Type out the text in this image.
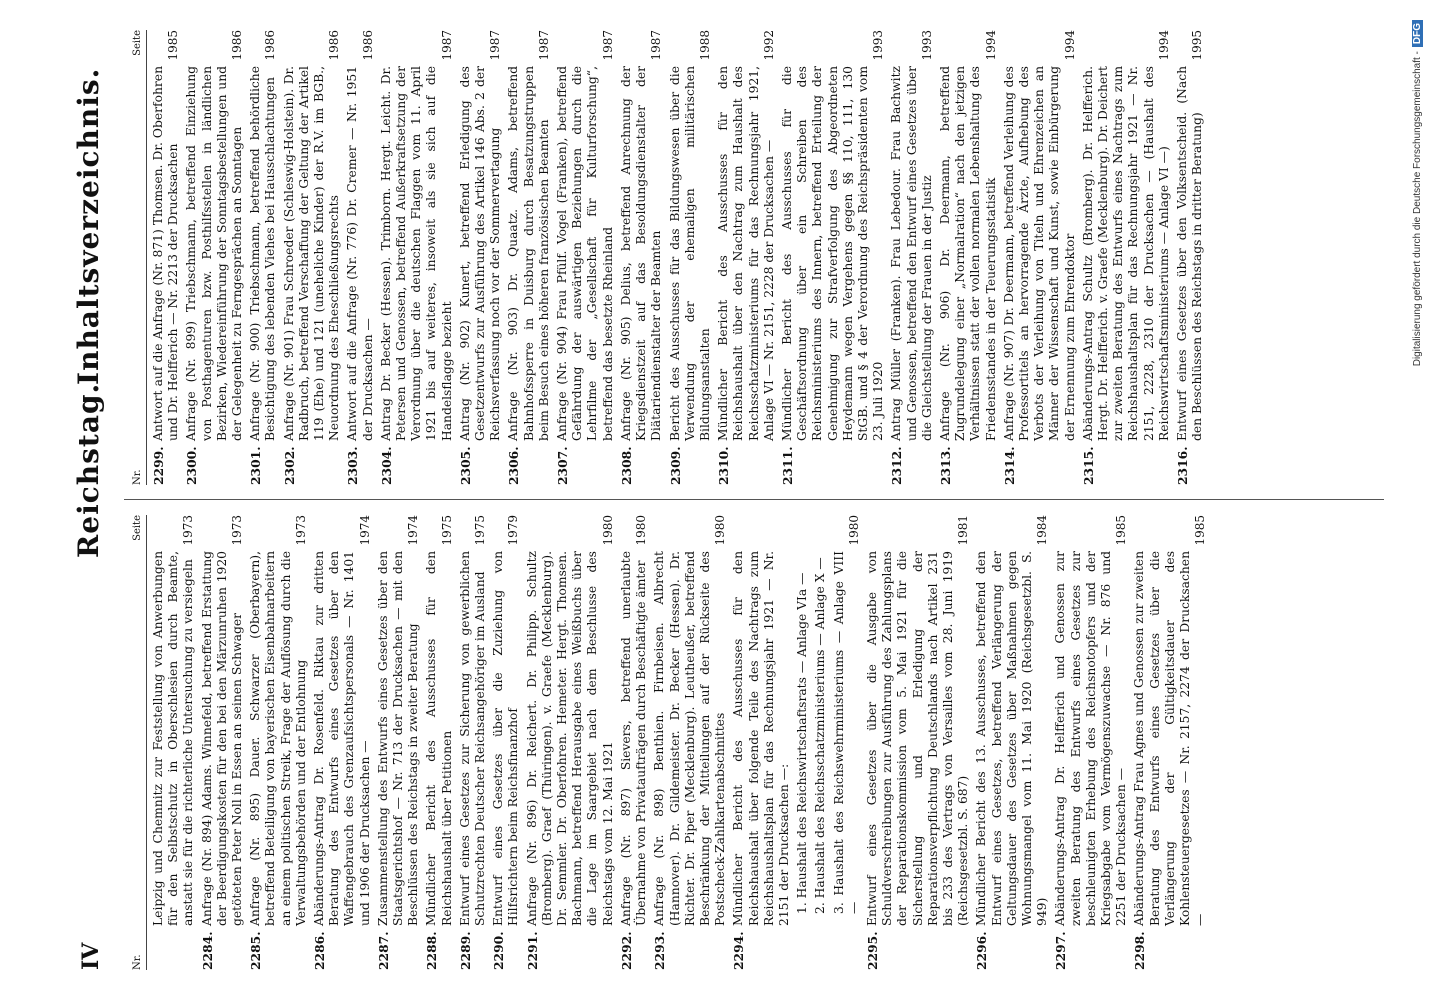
IV
Reichstag.
Inhaltsverzeichnis.
Nr.
Seite
Leipzig und Chemnitz zur Feststellung von Anwerbungen für den Selbstschutz in Oberschlesien durch Beamte, anstatt sie für die richterliche Untersuchung zu versiegeln
1973
2284.
Anfrage (Nr. 894) Adams. Winnefeld, betreffend Erstattung der Beerdigungskosten für den bei den Märzunruhen 1920 getöteten Peter Noll in Essen an seinen Schwager
1973
2285.
Anfrage (Nr. 895) Dauer. Schwarzer (Oberbayern), betreffend Beteiligung von bayerischen Eisenbahnarbeitern an einem politischen Streik, Frage der Auflösung durch die Verwaltungsbehörden und der Entlohnung
1973
2286.
Abänderungs-Antrag Dr. Rosenfeld. Riktau zur dritten Beratung des Entwurfs eines Gesetzes über den Waffengebrauch des Grenzaufsichtspersonals — Nr. 1401 und 1906 der Drucksachen —
1974
2287.
Zusammenstellung des Entwurfs eines Gesetzes über den Staatsgerichtshof — Nr. 713 der Drucksachen — mit den Beschlüssen des Reichstags in zweiter Beratung
1974
2288.
Mündlicher Bericht des Ausschusses für den Reichshaushalt über Petitionen
1975
2289.
Entwurf eines Gesetzes zur Sicherung von gewerblichen Schutzrechten Deutscher Reichsangehöriger im Ausland
1975
2290.
Entwurf eines Gesetzes über die Zuziehung von Hilfsrichtern beim Reichsfinanzhof
1979
2291.
Anfrage (Nr. 896) Dr. Reichert. Dr. Philipp. Schultz (Bromberg). Graef (Thüringen). v. Graefe (Mecklenburg). Dr. Semmler. Dr. Oberfohren. Hemeter. Hergt. Thomsen. Bachmann, betreffend Herausgabe eines Weißbuchs über die Lage im Saargebiet nach dem Beschlusse des Reichstags vom 12. Mai 1921
1980
2292.
Anfrage (Nr. 897) Sievers, betreffend unerlaubte Übernahme von Privataufträgen durch Beschäftigte ämter
1980
2293.
Anfrage (Nr. 898) Benthien. Firnbeisen. Albrecht (Hannover). Dr. Gildemeister. Dr. Becker (Hessen). Dr. Richter. Dr. Piper (Mecklenburg). Leutheußer, betreffend Beschränkung der Mitteilungen auf der Rückseite des Postscheck-Zahlkartenabschnittes
1980
2294.
Mündlicher Bericht des Ausschusses für den Reichshaushalt über folgende Teile des Nachtrags zum Reichshaushaltsplan für das Rechnungsjahr 1921 — Nr. 2151 der Drucksachen —: 1. Haushalt des Reichswirtschaftsrats — Anlage VIa — 2. Haushalt des Reichsschatzministeriums — Anlage X — 3. Haushalt des Reichswehrministeriums — Anlage VIII —
1980
2295.
Entwurf eines Gesetzes über die Ausgabe von Schuldverschreibungen zur Ausführung des Zahlungsplans der Reparationskommission vom 5. Mai 1921 für die Sicherstellung und Erledigung der Reparationsverpflichtung Deutschlands nach Artikel 231 bis 233 des Vertrags von Versailles vom 28. Juni 1919 (Reichsgesetzbl. S. 687)
1981
2296.
Mündlicher Bericht des 13. Ausschusses, betreffend den Entwurf eines Gesetzes, betreffend Verlängerung der Geltungsdauer des Gesetzes über Maßnahmen gegen Wohnungsmangel vom 11. Mai 1920 (Reichsgesetzbl. S. 949)
1984
2297.
Abänderungs-Antrag Dr. Helfferich und Genossen zur zweiten Beratung des Entwurfs eines Gesetzes zur beschleunigten Erhebung des Reichsnotopfers und der Kriegsabgabe vom Vermögenszuwachse — Nr. 876 und 2251 der Drucksachen —
1985
2298.
Abänderungs-Antrag Frau Agnes und Genossen zur zweiten Beratung des Entwurfs eines Gesetzes über die Verlängerung der Gültigkeitsdauer des Kohlensteuergesetzes — Nr. 2157, 2274 der Drucksachen —
1985
Nr.
Seite
2299.
Antwort auf die Anfrage (Nr. 871) Thomsen. Dr. Oberfohren und Dr. Helfferich — Nr. 2213 der Drucksachen
1985
2300.
Anfrage (Nr. 899) Triebschmann, betreffend Einziehung von Posthagenturen bzw. Posthilfsstellen in ländlichen Bezirken, Wiedereinführung der Sonntagsbestellungen und der Gelegenheit zu Ferngesprächen an Sonntagen
1986
2301.
Anfrage (Nr. 900) Triebschmann, betreffend behördliche Besichtigung des lebenden Viehes bei Hausschlachtungen
1986
2302.
Anfrage (Nr. 901) Frau Schroeder (Schleswig-Holstein). Dr. Radbruch, betreffend Verschaffung der Geltung der Artikel 119 (Ehe) und 121 (uneheliche Kinder) der R.V. im BGB., Neuordnung des Eheschließungsrechts
1986
2303.
Antwort auf die Anfrage (Nr. 776) Dr. Cremer — Nr. 1951 der Drucksachen —
1986
2304.
Antrag Dr. Becker (Hessen). Trimborn. Hergt. Leicht. Dr. Petersen und Genossen, betreffend Außerkraftsetzung der Verordnung über die deutschen Flaggen vom 11. April 1921 bis auf weiteres, insoweit als sie sich auf die Handelsflagge bezieht
1987
2305.
Antrag (Nr. 902) Kunert, betreffend Erledigung des Gesetzentwurfs zur Ausführung des Artikel 146 Abs. 2 der Reichsverfassung noch vor der Sommervertagung
1987
2306.
Anfrage (Nr. 903) Dr. Quaatz. Adams, betreffend Bahnhofssperre in Duisburg durch Besatzungstruppen beim Besuch eines höheren französischen Beamten
1987
2307.
Anfrage (Nr. 904) Frau Pfülf. Vogel (Franken), betreffend Gefährdung der auswärtigen Beziehungen durch die Lehrfilme der „Gesellschaft für Kulturforschung“, betreffend das besetzte Rheinland
1987
2308.
Anfrage (Nr. 905) Delius, betreffend Anrechnung der Kriegsdienstzeit auf das Besoldungsdienstalter der Diätariendienstalter der Beamten
1987
2309.
Bericht des Ausschusses für das Bildungswesen über die Verwendung der ehemaligen militärischen Bildungsanstalten
1988
2310.
Mündlicher Bericht des Ausschusses für den Reichshaushalt über den Nachtrag zum Haushalt des Reichsschatzministeriums für das Rechnungsjahr 1921, Anlage VI — Nr. 2151, 2228 der Drucksachen —
1992
2311.
Mündlicher Bericht des Ausschusses für die Geschäftsordnung über ein Schreiben des Reichsministeriums des Innern, betreffend Erteilung der Genehmigung zur Strafverfolgung des Abgeordneten Heydemann wegen Vergehens gegen §§ 110, 111, 130 StGB. und § 4 der Verordnung des Reichspräsidenten vom 23. Juli 1920
1993
2312.
Antrag Müller (Franken). Frau Lebedour. Frau Bachwitz und Genossen, betreffend den Entwurf eines Gesetzes über die Gleichstellung der Frauen in der Justiz
1993
2313.
Anfrage (Nr. 906) Dr. Deermann, betreffend Zugrundelegung einer „Normalration“ nach den jetzigen Verhältnissen statt der vollen normalen Lebenshaltung des Friedensstandes in der Teuerungsstatistik
1994
2314.
Anfrage (Nr. 907) Dr. Deermann, betreffend Verleihung des Professortitels an hervorragende Ärzte, Aufhebung des Verbots der Verleihung von Titeln und Ehrenzeichen an Männer der Wissenschaft und Kunst, sowie Einbürgerung der Ernennung zum Ehrendoktor
1994
2315.
Abänderungs-Antrag Schultz (Bromberg). Dr. Helfferich. Hergt. Dr. Helfferich. v. Graefe (Mecklenburg). Dr. Deichert zur zweiten Beratung des Entwurfs eines Nachtrags zum Reichshaushaltsplan für das Rechnungsjahr 1921 — Nr. 2151, 2228, 2310 der Drucksachen — (Haushalt des Reichswirtschaftsministeriums — Anlage VI —)
1994
2316.
Entwurf eines Gesetzes über den Volksentscheid. (Nach den Beschlüssen des Reichstags in dritter Beratung)
1995
Digitalisierung gefördert durch die Deutsche Forschungsgemeinschaft -DFG
